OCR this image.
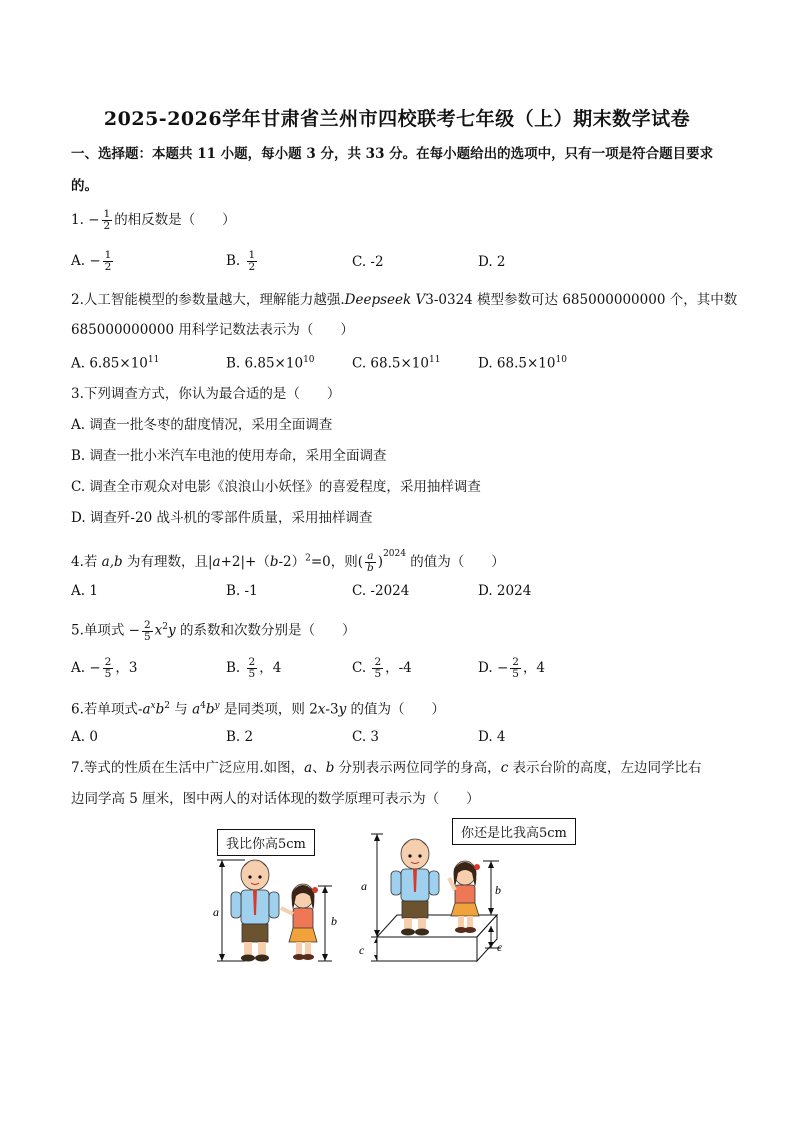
2025-2026学年甘肃省兰州市四校联考七年级（上）期末数学试卷
一、选择题：本题共 11 小题，每小题 3 分，共 33 分。在每小题给出的选项中，只有一项是符合题目要求
的。
1. − $\frac{1}{2}$ 的相反数是（　　）
A. − $\frac{1}{2}$	B. $\frac{1}{2}$	C. -2	D. 2
2.人工智能模型的参数量越大，理解能力越强.Deepseek V3-0324 模型参数可达 685000000000 个，其中数
685000000000 用科学记数法表示为（　　）
A. $6.85\times 10^{11}$	B. $6.85\times 10^{10}$	C. $68.5\times 10^{11}$	D. $68.5\times 10^{10}$
3.下列调查方式，你认为最合适的是（　　）
A. 调查一批冬枣的甜度情况，采用全面调查
B. 调查一批小米汽车电池的使用寿命，采用全面调查
C. 调查全市观众对电影《浪浪山小妖怪》的喜爱程度，采用抽样调查
D. 调查歼-20 战斗机的零部件质量，采用抽样调查
4.若 a,b 为有理数，且$|a+2|+(b-2)^2=0$，则( $\frac{a}{b} )^{2024}$ 的值为（　　）
A. 1	B. -1	C. -2024	D. 2024
5.单项式 − $\frac{2}{5} x^2y$ 的系数和次数分别是（　　）
A. − $\frac{2}{5}$ ，3	B. $\frac{2}{5}$ ，4	C. $\frac{2}{5}$ ，-4	D. − $\frac{2}{5}$ ，4
6.若单项式$-a^xb^2$ 与 $a^4b^y$ 是同类项，则 2x-3y 的值为（　　）
A. 0	B. 2	C. 3	D. 4
7.等式的性质在生活中广泛应用.如图，a、b 分别表示两位同学的身高，c 表示台阶的高度，左边同学比右
边同学高 5 厘米，图中两人的对话体现的数学原理可表示为（　　）
我比你高5cm
你还是比我高5cm
a
b
a
c
b
c
